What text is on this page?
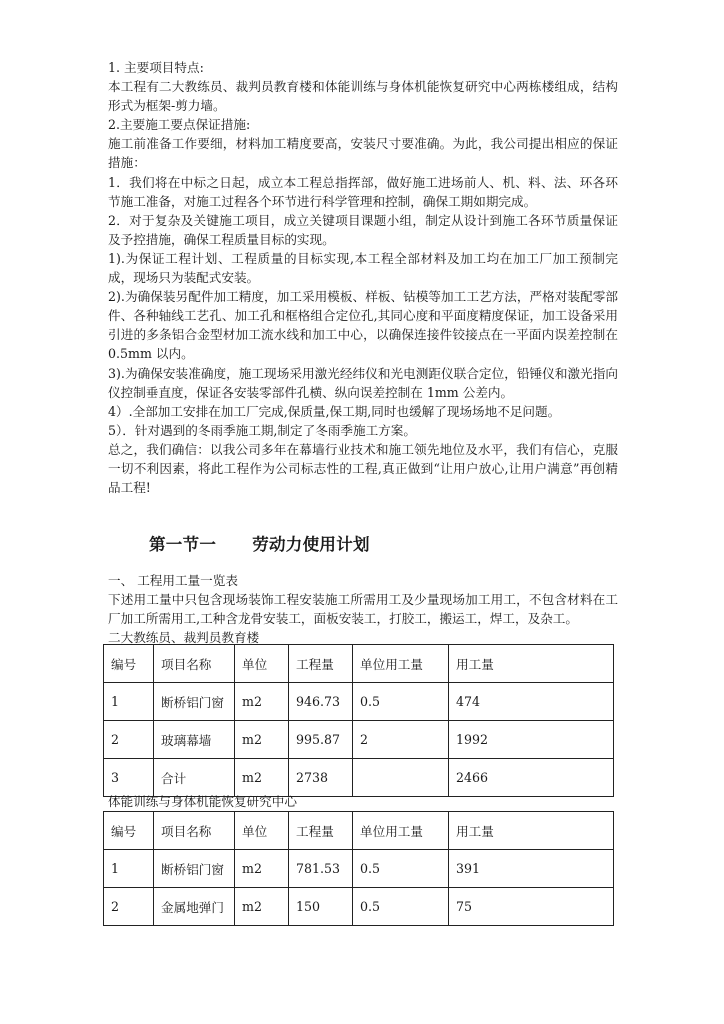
1. 主要项目特点:

本工程有二大教练员、裁判员教育楼和体能训练与身体机能恢复研究中心两栋楼组成，结构形式为框架-剪力墙。

2.主要施工要点保证措施:

施工前准备工作要细，材料加工精度要高，安装尺寸要准确。为此，我公司提出相应的保证措施：

1．我们将在中标之日起，成立本工程总指挥部，做好施工进场前人、机、料、法、环各环节施工准备，对施工过程各个环节进行科学管理和控制，确保工期如期完成。

2．对于复杂及关键施工项目，成立关键项目课题小组，制定从设计到施工各环节质量保证及予控措施，确保工程质量目标的实现。

1).为保证工程计划、工程质量的目标实现,本工程全部材料及加工均在加工厂加工预制完成，现场只为装配式安装。

2).为确保装另配件加工精度，加工采用模板、样板、钻模等加工工艺方法，严格对装配零部件、各种轴线工艺孔、加工孔和框格组合定位孔,其同心度和平面度精度保证，加工设备采用引进的多条铝合金型材加工流水线和加工中心，以确保连接件铰接点在一平面内误差控制在 0.5mm 以内。

3).为确保安装准确度，施工现场采用激光经纬仪和光电测距仪联合定位，铅锤仪和激光指向仪控制垂直度，保证各安装零部件孔横、纵向误差控制在 1mm 公差内。

4）.全部加工安排在加工厂完成,保质量,保工期,同时也缓解了现场场地不足问题。

5）．针对遇到的冬雨季施工期,制定了冬雨季施工方案。

总之，我们确信：以我公司多年在幕墙行业技术和施工领先地位及水平，我们有信心，克服一切不利因素，将此工程作为公司标志性的工程,真正做到“让用户放心,让用户满意”再创精品工程!

第一节一 劳动力使用计划

一、 工程用工量一览表

下述用工量中只包含现场装饰工程安装施工所需用工及少量现场加工用工，不包含材料在工厂加工所需用工,工种含龙骨安装工，面板安装工，打胶工，搬运工，焊工，及杂工。

二大教练员、裁判员教育楼

编号	项目名称	单位	工程量	单位用工量	用工量
1	断桥铝门窗	m2	946.73	0.5	474
2	玻璃幕墙	m2	995.87	2	1992
3	合计	m2	2738		2466

体能训练与身体机能恢复研究中心

编号	项目名称	单位	工程量	单位用工量	用工量
1	断桥铝门窗	m2	781.53	0.5	391
2	金属地弹门	m2	150	0.5	75
